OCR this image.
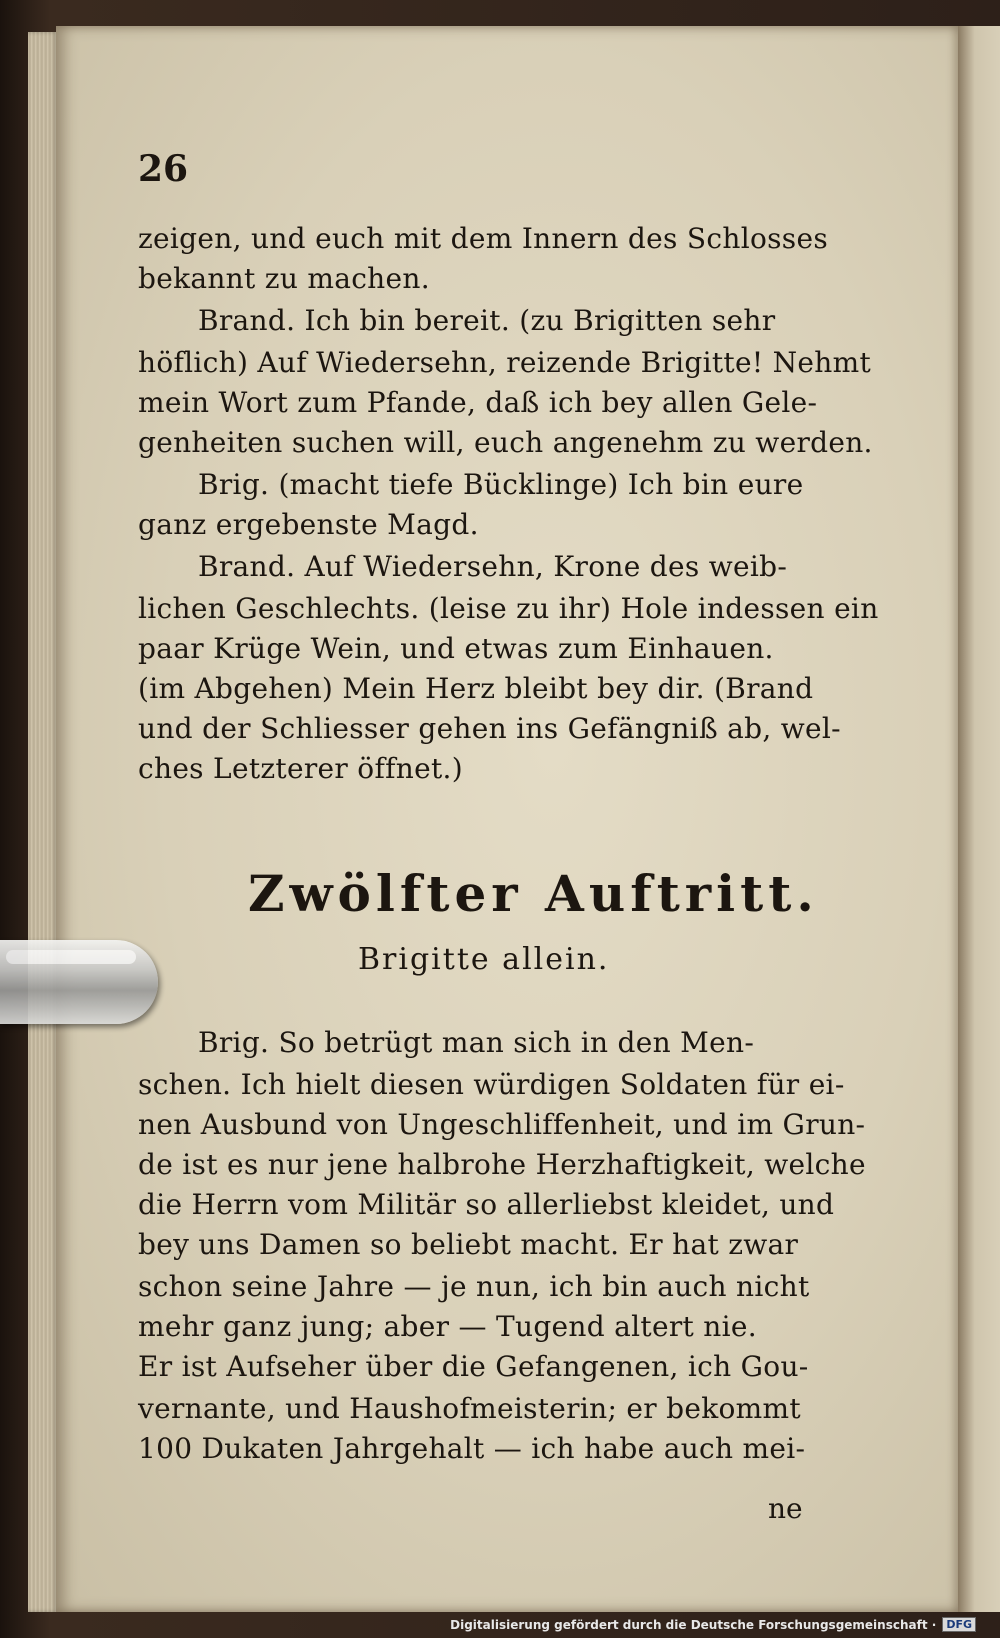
26
zeigen, und euch mit dem Innern des Schlosses
bekannt zu machen.
Brand. Ich bin bereit. (zu Brigitten sehr
höflich) Auf Wiedersehn, reizende Brigitte! Nehmt
mein Wort zum Pfande, daß ich bey allen Gele-
genheiten suchen will, euch angenehm zu werden.
Brig. (macht tiefe Bücklinge) Ich bin eure
ganz ergebenste Magd.
Brand. Auf Wiedersehn, Krone des weib-
lichen Geschlechts. (leise zu ihr) Hole indessen ein
paar Krüge Wein, und etwas zum Einhauen.
(im Abgehen) Mein Herz bleibt bey dir. (Brand
und der Schliesser gehen ins Gefängniß ab, wel-
ches Letzterer öffnet.)
Zwölfter Auftritt.
Brigitte allein.
Brig. So betrügt man sich in den Men-
schen. Ich hielt diesen würdigen Soldaten für ei-
nen Ausbund von Ungeschliffenheit, und im Grun-
de ist es nur jene halbrohe Herzhaftigkeit, welche
die Herrn vom Militär so allerliebst kleidet, und
bey uns Damen so beliebt macht. Er hat zwar
schon seine Jahre — je nun, ich bin auch nicht
mehr ganz jung; aber — Tugend altert nie.
Er ist Aufseher über die Gefangenen, ich Gou-
vernante, und Haushofmeisterin; er bekommt
100 Dukaten Jahrgehalt — ich habe auch mei-
ne
Digitalisierung gefördert durch die Deutsche Forschungsgemeinschaft · DFG
